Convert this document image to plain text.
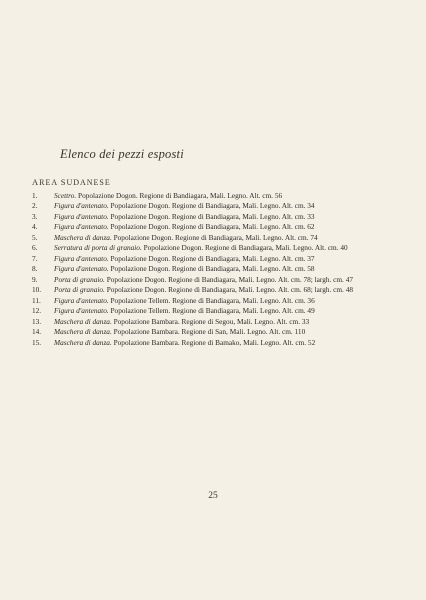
Elenco dei pezzi esposti
AREA SUDANESE
1.	Scettro. Popolazione Dogon. Regione di Bandiagara, Mali. Legno. Alt. cm. 56
2.	Figura d'antenato. Popolazione Dogon. Regione di Bandiagara, Mali. Legno. Alt. cm. 34
3.	Figura d'antenato. Popolazione Dogon. Regione di Bandiagara, Mali. Legno. Alt. cm. 33
4.	Figura d'antenato. Popolazione Dogon. Regione di Bandiagara, Mali. Legno. Alt. cm. 62
5.	Maschera di danza. Popolazione Dogon. Regione di Bandiagara, Mali. Legno. Alt. cm. 74
6.	Serratura di porta di granaio. Popolazione Dogon. Regione di Bandiagara, Mali. Legno. Alt. cm. 40
7.	Figura d'antenato. Popolazione Dogon. Regione di Bandiagara, Mali. Legno. Alt. cm. 37
8.	Figura d'antenato. Popolazione Dogon. Regione di Bandiagara, Mali. Legno. Alt. cm. 58
9.	Porta di granaio. Popolazione Dogon. Regione di Bandiagara, Mali. Legno. Alt. cm. 78; largh. cm. 47
10.	Porta di granaio. Popolazione Dogon. Regione di Bandiagara, Mali. Legno. Alt. cm. 68; largh. cm. 48
11.	Figura d'antenato. Popolazione Tellem. Regione di Bandiagara, Mali. Legno. Alt. cm. 36
12.	Figura d'antenato. Popolazione Tellem. Regione di Bandiagara, Mali. Legno. Alt. cm. 49
13.	Maschera di danza. Popolazione Bambara. Regione di Segou, Mali. Legno. Alt. cm. 33
14.	Maschera di danza. Popolazione Bambara. Regione di San, Mali. Legno. Alt. cm. 110
15.	Maschera di danza. Popolazione Bambara. Regione di Bamako, Mali. Legno. Alt. cm. 52
25
